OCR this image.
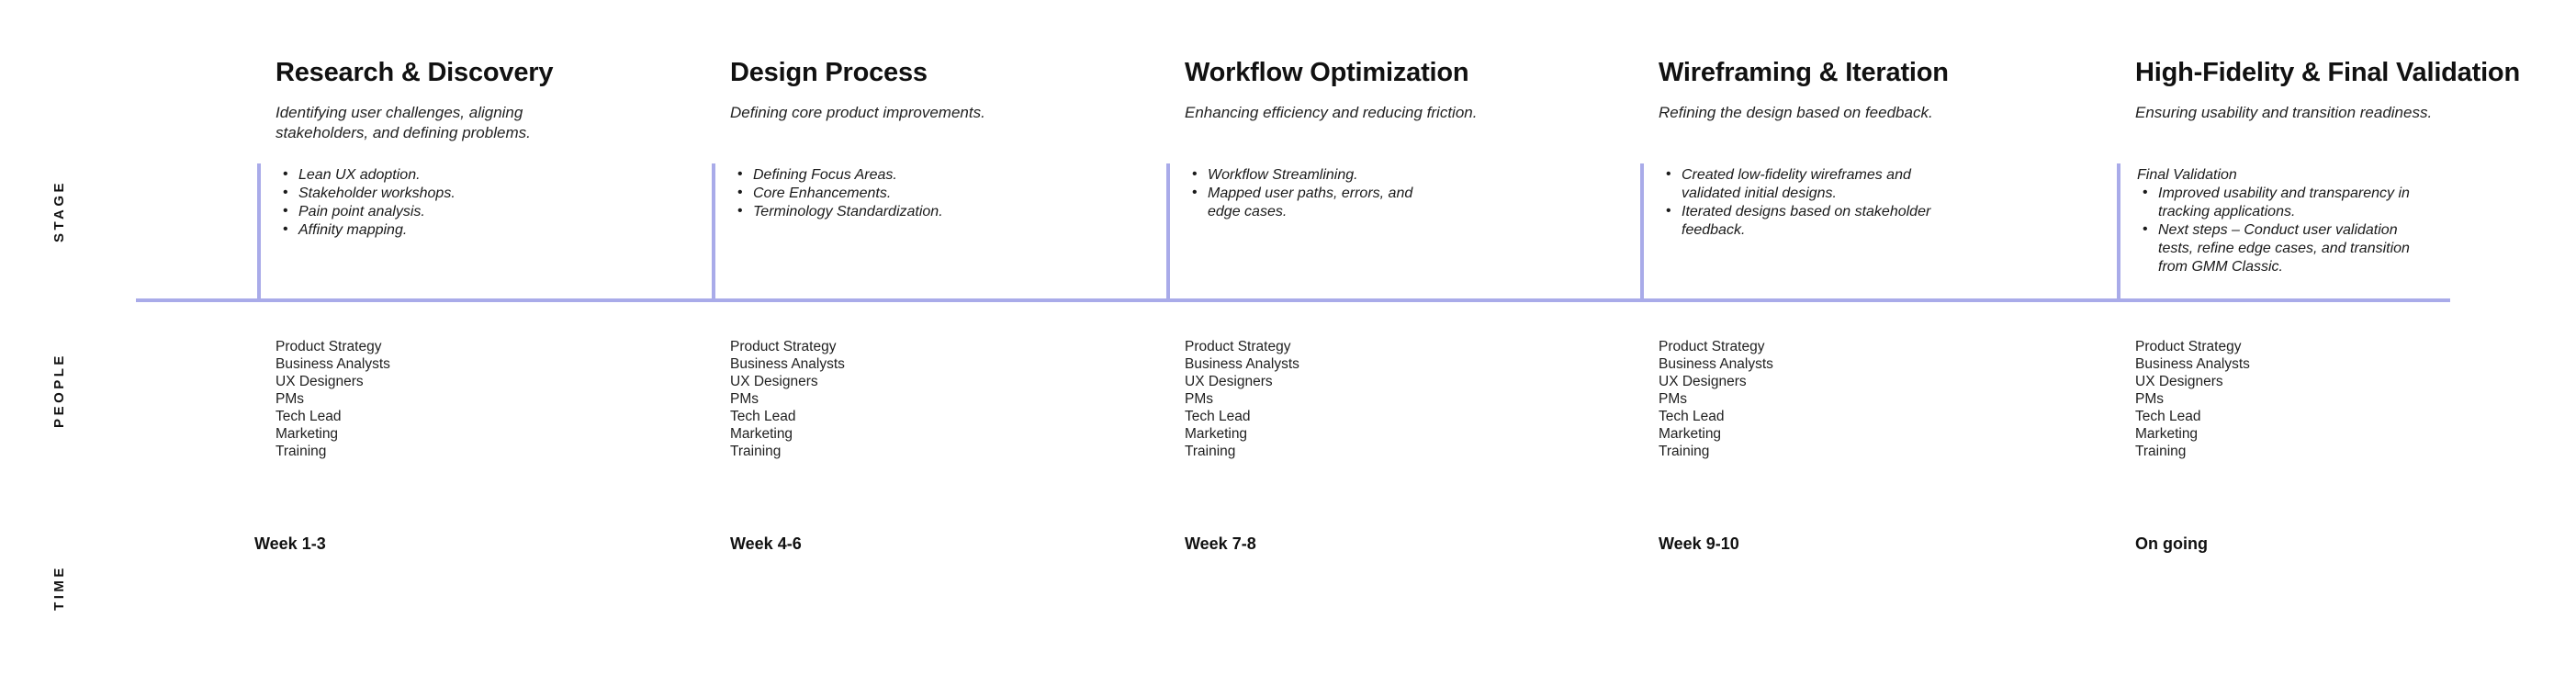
STAGE
PEOPLE
TIME
Research & Discovery

Identifying user challenges, aligning stakeholders, and defining problems.

• Lean UX adoption.
• Stakeholder workshops.
• Pain point analysis.
• Affinity mapping.
Product Strategy
Business Analysts
UX Designers
PMs
Tech Lead
Marketing
Training
Week 1-3
Design Process

Defining core product improvements.

• Defining Focus Areas.
• Core Enhancements.
• Terminology Standardization.
Product Strategy
Business Analysts
UX Designers
PMs
Tech Lead
Marketing
Training
Week 4-6
Workflow Optimization

Enhancing efficiency and reducing friction.

• Workflow Streamlining.
• Mapped user paths, errors, and edge cases.
Product Strategy
Business Analysts
UX Designers
PMs
Tech Lead
Marketing
Training
Week 7-8
Wireframing & Iteration

Refining the design based on feedback.

• Created low-fidelity wireframes and validated initial designs.
• Iterated designs based on stakeholder feedback.
Product Strategy
Business Analysts
UX Designers
PMs
Tech Lead
Marketing
Training
Week 9-10
High-Fidelity & Final Validation

Ensuring usability and transition readiness.

Final Validation
• Improved usability and transparency in tracking applications.
• Next steps – Conduct user validation tests, refine edge cases, and transition from GMM Classic.
Product Strategy
Business Analysts
UX Designers
PMs
Tech Lead
Marketing
Training
On going
